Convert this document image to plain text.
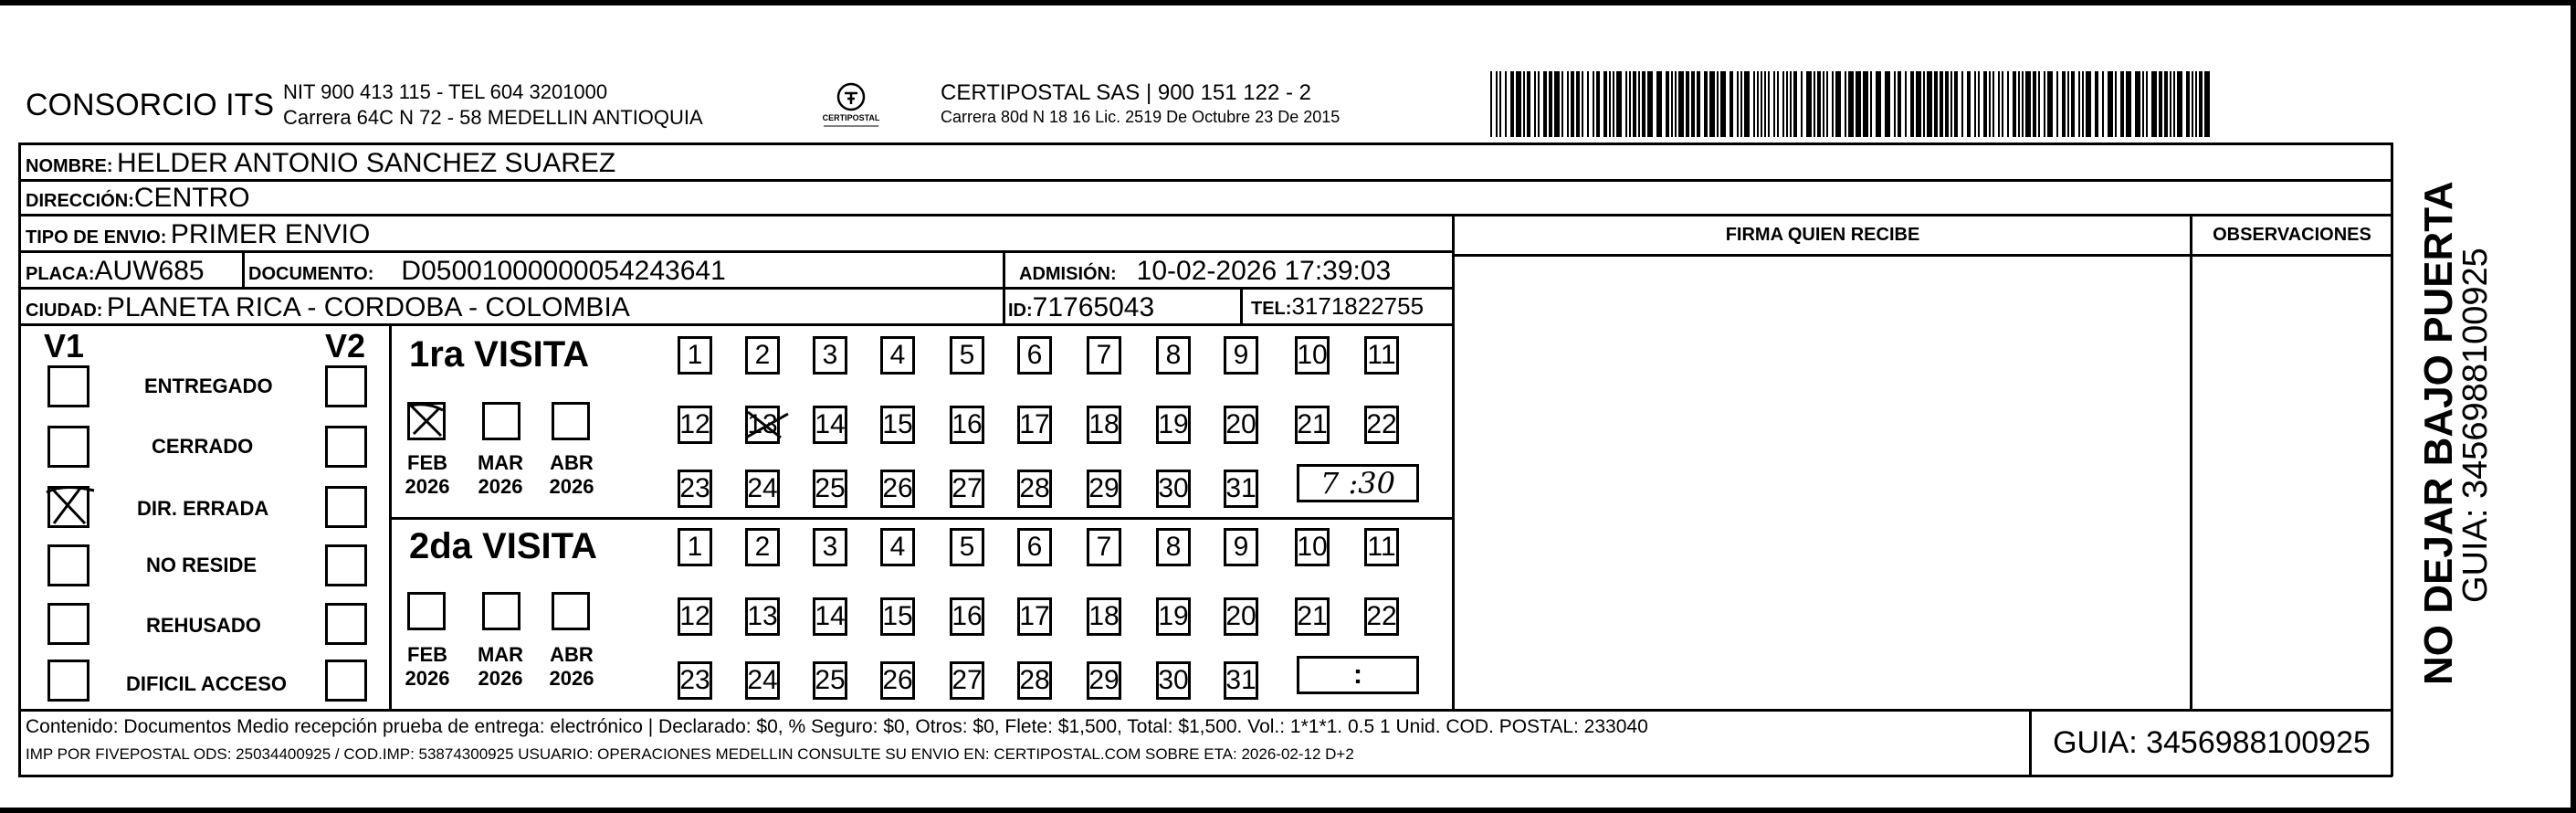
CONSORCIO ITS NIT 900 413 115 - TEL 604 3201000
Carrera 64C N 72 - 58 MEDELLIN ANTIOQUIA	CERTIPOSTAL
CERTIPOSTAL SAS | 900 151 122 - 2
Carrera 80d N 18 16 Lic. 2519 De Octubre 23 De 2015
NOMBRE: HELDER ANTONIO SANCHEZ SUAREZ
DIRECCIÓN:CENTRO
TIPO DE ENVIO: PRIMER ENVIO
PLACA:AUW685 DOCUMENTO: D05001000000054243641	ADMISIÓN: 10-02-2026 17:39:03
CIUDAD: PLANETA RICA - CORDOBA - COLOMBIA	ID:71765043	TEL:3171822755
FIRMA QUIEN RECIBE	OBSERVACIONES
V1	V2
ENTREGADO
CERRADO
DIR. ERRADA
NO RESIDE
REHUSADO
DIFICIL ACCESO
1ra VISITA
FEB
2026
MAR
2026
ABR
2026
2da VISITA
FEB
2026
MAR
2026
ABR
2026
7 :30
:
Contenido: Documentos Medio recepción prueba de entrega: electrónico | Declarado: $0, % Seguro: $0, Otros: $0, Flete: $1,500, Total: $1,500. Vol.: 1*1*1. 0.5 1 Unid. COD. POSTAL: 233040
IMP POR FIVEPOSTAL ODS: 25034400925 / COD.IMP: 53874300925 USUARIO: OPERACIONES MEDELLIN CONSULTE SU ENVIO EN: CERTIPOSTAL.COM SOBRE ETA: 2026-02-12 D+2	GUIA: 3456988100925
NO DEJAR BAJO PUERTA
GUIA: 3456988100925
1	2	3	4	5	6	7	8	9	10 11
12 13 14 15 16 17 18 19 20 21 22
23 24 25 26 27 28 29 30 31
1	2	3	4	5	6	7	8	9	10 11
12 13 14 15 16 17 18 19 20 21 22
23 24 25 26 27 28 29 30 31
